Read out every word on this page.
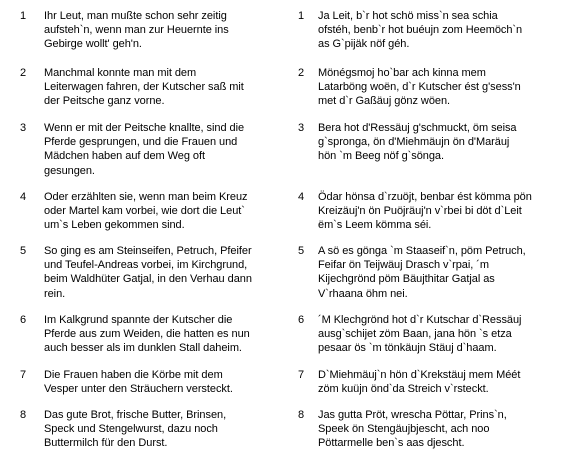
1 Ihr Leut, man mußte schon sehr zeitig
aufsteh`n, wenn man zur Heuernte ins
Gebirge wollt' geh'n.
1 Ja Leit, b`r hot schö miss`n sea schia
ofstéh, benb`r hot buéujn zom Heemöch`n
as G`pijäk nöf géh.
2 Manchmal konnte man mit dem
Leiterwagen fahren, der Kutscher saß mit
der Peitsche ganz vorne.
2 Mönégsmoj ho`bar ach kinna mem
Latarböng woën, d`r Kutscher ést g'sess'n
met d`r Gaßäuj gönz wöen.
3 Wenn er mit der Peitsche knallte, sind die
Pferde gesprungen, und die Frauen und
Mädchen haben auf dem Weg oft
gesungen.
3 Bera hot d'Ressäuj g'schmuckt, öm seisa
g`spronga, ön d'Miehmäujn ön d'Maräuj
hön `m Beeg nöf g`sönga.
4 Oder erzählten sie, wenn man beim Kreuz
oder Martel kam vorbei, wie dort die Leut`
um`s Leben gekommen sind.
4 Ödar hönsa d`rzuöjt, benbar ést kömma pön
Kreizäuj'n ön Puöjräuj'n v`rbei bi döt d`Leit
ëm`s Leem kömma séi.
5 So ging es am Steinseifen, Petruch, Pfeifer
und Teufel-Andreas vorbei, im Kirchgrund,
beim Waldhüter Gatjal, in den Verhau dann
rein.
5 A sö es gönga `m Staaseif`n, pöm Petruch,
Feifar ön Teijwäuj Drasch v`rpai, ´m
Kijechgrönd pöm Bäujthitar Gatjal as
V`rhaana öhm nei.
6 Im Kalkgrund spannte der Kutscher die
Pferde aus zum Weiden, die hatten es nun
auch besser als im dunklen Stall daheim.
6 ´M Klechgrönd hot d`r Kutschar d`Ressäuj
ausg`schijet zöm Baan, jana hön `s etza
pesaar ös `m tönkäujn Stäuj d`haam.
7 Die Frauen haben die Körbe mit dem
Vesper unter den Sträuchern versteckt.
7 D`Miehmäuj`n hön d`Krekstäuj mem Méét
zöm kuüjn önd`da Streich v`rsteckt.
8 Das gute Brot, frische Butter, Brinsen,
Speck und Stengelwurst, dazu noch
Buttermilch für den Durst.
8 Jas gutta Pröt, wrescha Pöttar, Prins`n,
Speek ön Stengäujbjescht, ach noo
Pöttarmelle ben`s aas djescht.
